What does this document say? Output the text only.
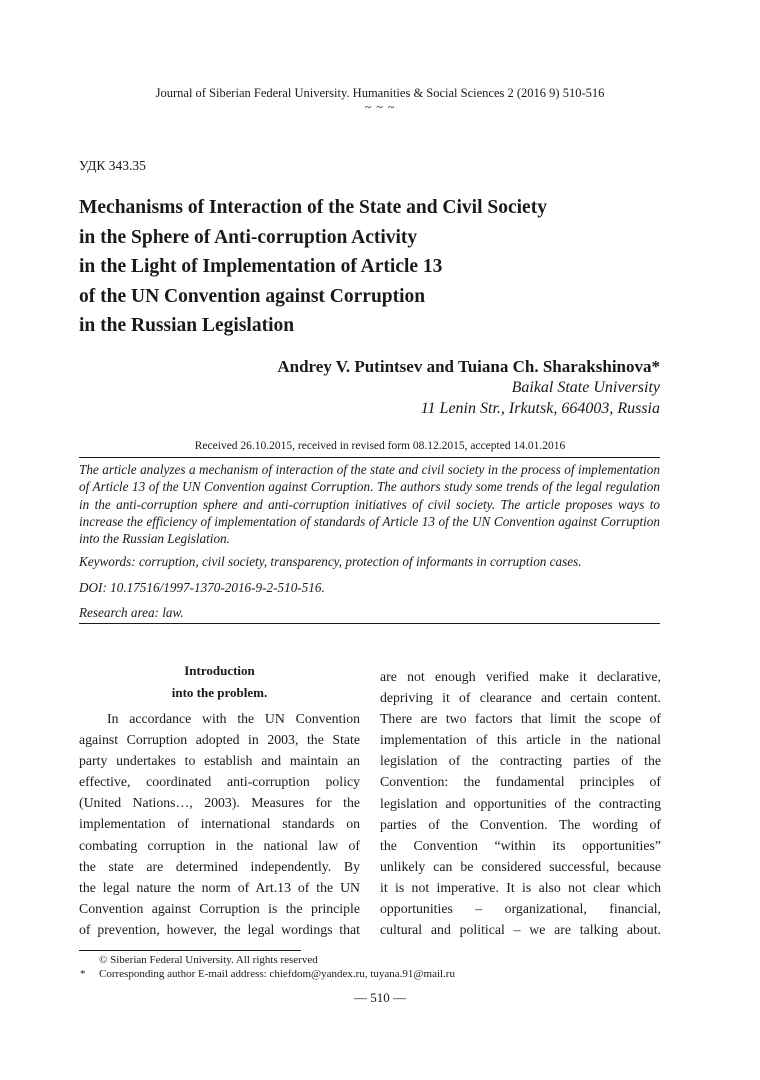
Journal of Siberian Federal University. Humanities & Social Sciences 2 (2016 9) 510-516
~ ~ ~
УДК 343.35
Mechanisms of Interaction of the State and Civil Society
in the Sphere of Anti-corruption Activity
in the Light of Implementation of Article 13
of the UN Convention against Corruption
in the Russian Legislation
Andrey V. Putintsev and Tuiana Ch. Sharakshinova*
Baikal State University
11 Lenin Str., Irkutsk, 664003, Russia
Received 26.10.2015, received in revised form 08.12.2015, accepted 14.01.2016
The article analyzes a mechanism of interaction of the state and civil society in the process of implementation of Article 13 of the UN Convention against Corruption. The authors study some trends of the legal regulation in the anti-corruption sphere and anti-corruption initiatives of civil society. The article proposes ways to increase the efficiency of implementation of standards of Article 13 of the UN Convention against Corruption into the Russian Legislation.
Keywords: corruption, civil society, transparency, protection of informants in corruption cases.
DOI: 10.17516/1997-1370-2016-9-2-510-516.
Research area: law.
Introduction
into the problem.
In accordance with the UN Convention
against Corruption adopted in 2003, the State
party undertakes to establish and maintain an
effective, coordinated anti-corruption policy
(United Nations…, 2003). Measures for the
implementation of international standards on
combating corruption in the national law of
the state are determined independently. By
the legal nature the norm of Art.13 of the UN
Convention against Corruption is the principle
of prevention, however, the legal wordings that
are not enough verified make it declarative,
depriving it of clearance and certain content.
There are two factors that limit the scope of
implementation of this article in the national
legislation of the contracting parties of the
Convention: the fundamental principles of
legislation and opportunities of the contracting
parties of the Convention. The wording of
the Convention “within its opportunities”
unlikely can be considered successful, because
it is not imperative. It is also not clear which
opportunities – organizational, financial,
cultural and political – we are talking about.
© Siberian Federal University. All rights reserved
* Corresponding author E-mail address: chiefdom@yandex.ru, tuyana.91@mail.ru
— 510 —
